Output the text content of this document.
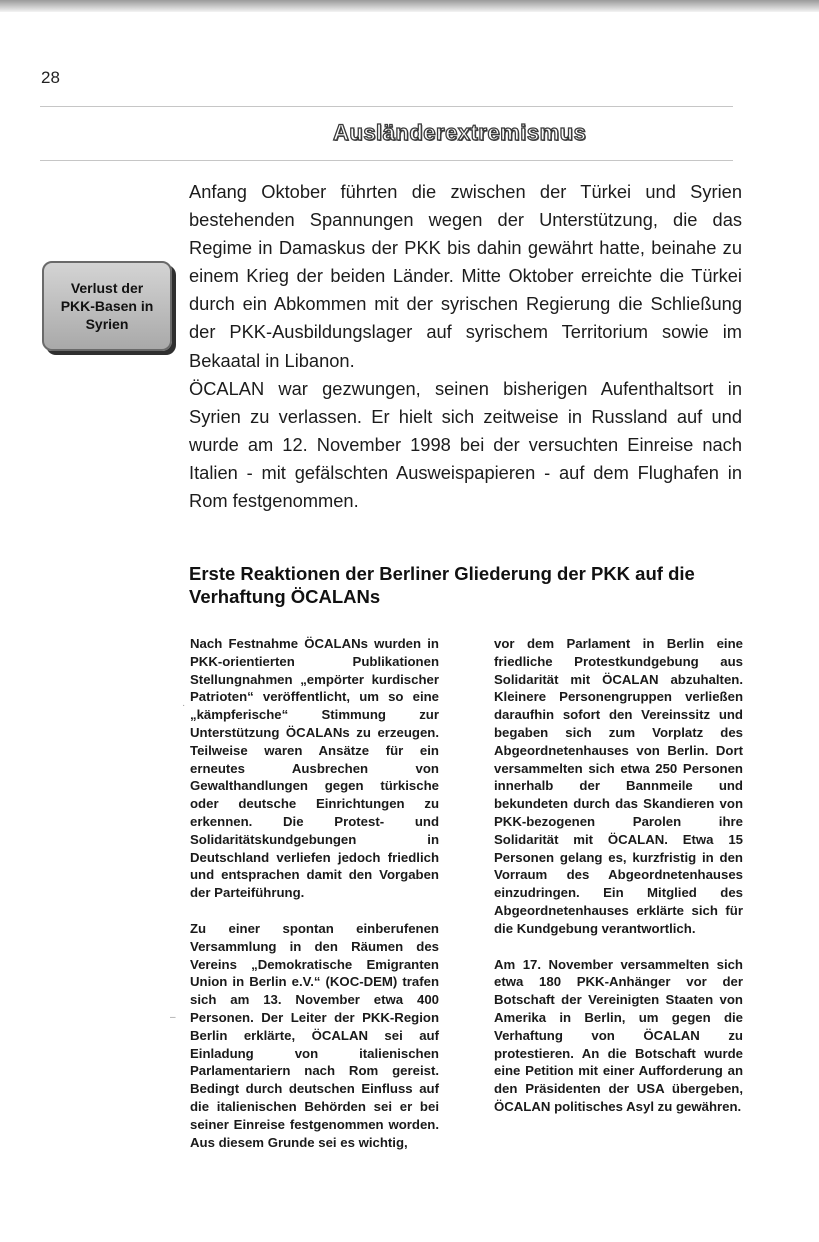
28
Ausländerextremismus
Verlust der
PKK-Basen in
Syrien

Anfang Oktober führten die zwischen der Türkei und Syrien bestehenden Spannungen wegen der Unterstützung, die das Regime in Damaskus der PKK bis dahin gewährt hatte, beinahe zu einem Krieg der beiden Länder. Mitte Oktober erreichte die Türkei durch ein Abkommen mit der syrischen Regierung die Schließung der PKK-Ausbildungslager auf syrischem Territorium sowie im Bekaatal in Libanon.

ÖCALAN war gezwungen, seinen bisherigen Aufenthaltsort in Syrien zu verlassen. Er hielt sich zeitweise in Russland auf und wurde am 12. November 1998 bei der versuchten Einreise nach Italien - mit gefälschten Ausweispapieren - auf dem Flughafen in Rom festgenommen.

Erste Reaktionen der Berliner Gliederung der PKK auf die Verhaftung ÖCALANs

Nach Festnahme ÖCALANs wurden in PKK-orientierten Publikationen Stellungnahmen „empörter kurdischer Patrioten“ veröffentlicht, um so eine „kämpferische“ Stimmung zur Unterstützung ÖCALANs zu erzeugen. Teilweise waren Ansätze für ein erneutes Ausbrechen von Gewalthandlungen gegen türkische oder deutsche Einrichtungen zu erkennen. Die Protest- und Solidaritätskundgebungen in Deutschland verliefen jedoch friedlich und entsprachen damit den Vorgaben der Parteiführung.

Zu einer spontan einberufenen Versammlung in den Räumen des Vereins „Demokratische Emigranten Union in Berlin e.V.“ (KOC-DEM) trafen sich am 13. November etwa 400 Personen. Der Leiter der PKK-Region Berlin erklärte, ÖCALAN sei auf Einladung von italienischen Parlamentariern nach Rom gereist. Bedingt durch deutschen Einfluss auf die italienischen Behörden sei er bei seiner Einreise festgenommen worden. Aus diesem Grunde sei es wichtig,

vor dem Parlament in Berlin eine friedliche Protestkundgebung aus Solidarität mit ÖCALAN abzuhalten. Kleinere Personengruppen verließen daraufhin sofort den Vereinssitz und begaben sich zum Vorplatz des Abgeordnetenhauses von Berlin. Dort versammelten sich etwa 250 Personen innerhalb der Bannmeile und bekundeten durch das Skandieren von PKK-bezogenen Parolen ihre Solidarität mit ÖCALAN. Etwa 15 Personen gelang es, kurzfristig in den Vorraum des Abgeordnetenhauses einzudringen. Ein Mitglied des Abgeordnetenhauses erklärte sich für die Kundgebung verantwortlich.

Am 17. November versammelten sich etwa 180 PKK-Anhänger vor der Botschaft der Vereinigten Staaten von Amerika in Berlin, um gegen die Verhaftung von ÖCALAN zu protestieren. An die Botschaft wurde eine Petition mit einer Aufforderung an den Präsidenten der USA übergeben, ÖCALAN politisches Asyl zu gewähren.

·
–
